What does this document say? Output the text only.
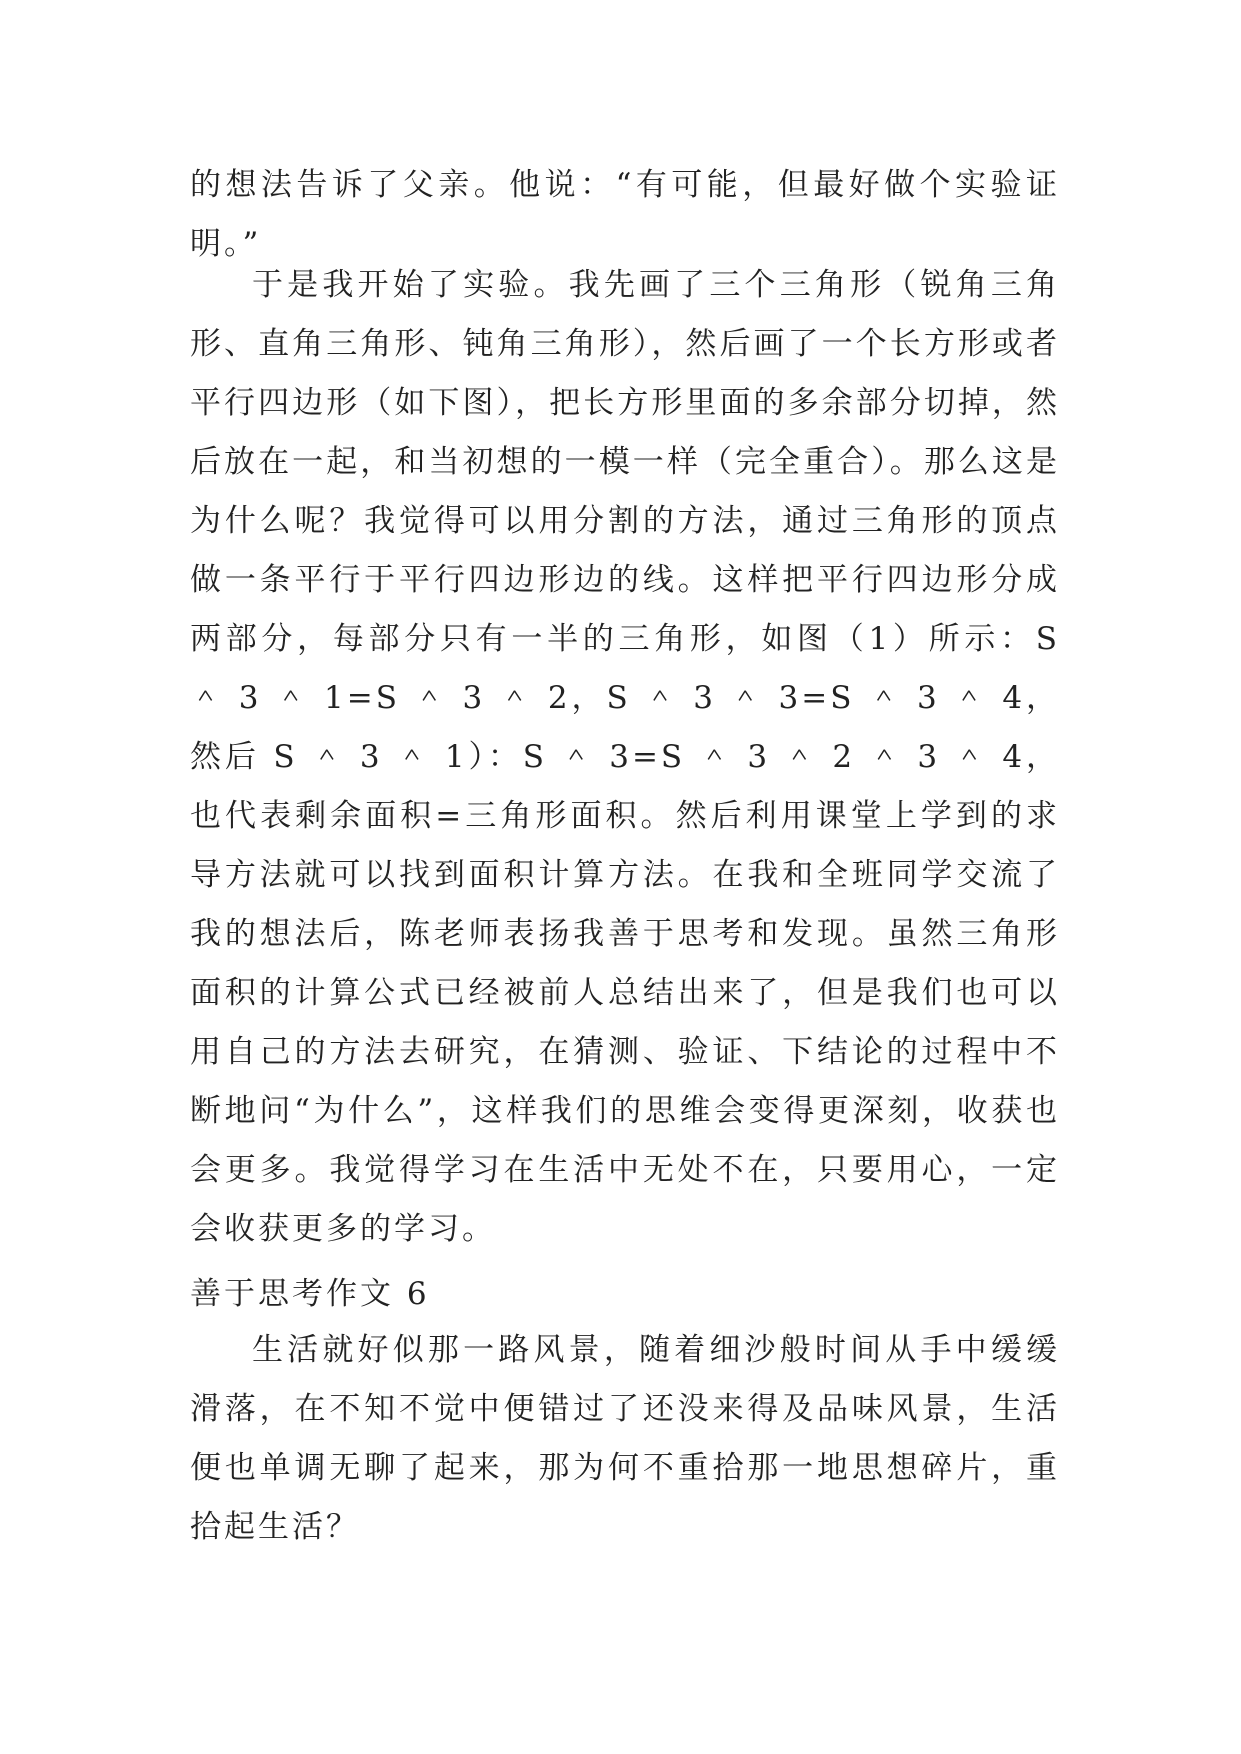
的想法告诉了父亲。他说：“有可能，但最好做个实验证明。”

于是我开始了实验。我先画了三个三角形（锐角三角形、直角三角形、钝角三角形），然后画了一个长方形或者平行四边形（如下图），把长方形里面的多余部分切掉，然后放在一起，和当初想的一模一样（完全重合）。那么这是为什么呢？我觉得可以用分割的方法，通过三角形的顶点做一条平行于平行四边形边的线。这样把平行四边形分成两部分，每部分只有一半的三角形，如图（1）所示：S ＾ 3 ＾ 1=S ＾ 3 ＾ 2，S ＾ 3 ＾ 3=S ＾ 3 ＾ 4，然后 S ＾ 3 ＾ 1）：S ＾ 3=S ＾ 3 ＾ 2 ＾ 3 ＾ 4，也代表剩余面积=三角形面积。然后利用课堂上学到的求导方法就可以找到面积计算方法。在我和全班同学交流了我的想法后，陈老师表扬我善于思考和发现。虽然三角形面积的计算公式已经被前人总结出来了，但是我们也可以用自己的方法去研究，在猜测、验证、下结论的过程中不断地问“为什么”，这样我们的思维会变得更深刻，收获也会更多。我觉得学习在生活中无处不在，只要用心，一定会收获更多的学习。

善于思考作文 6

生活就好似那一路风景，随着细沙般时间从手中缓缓滑落，在不知不觉中便错过了还没来得及品味风景，生活便也单调无聊了起来，那为何不重拾那一地思想碎片，重拾起生活？
